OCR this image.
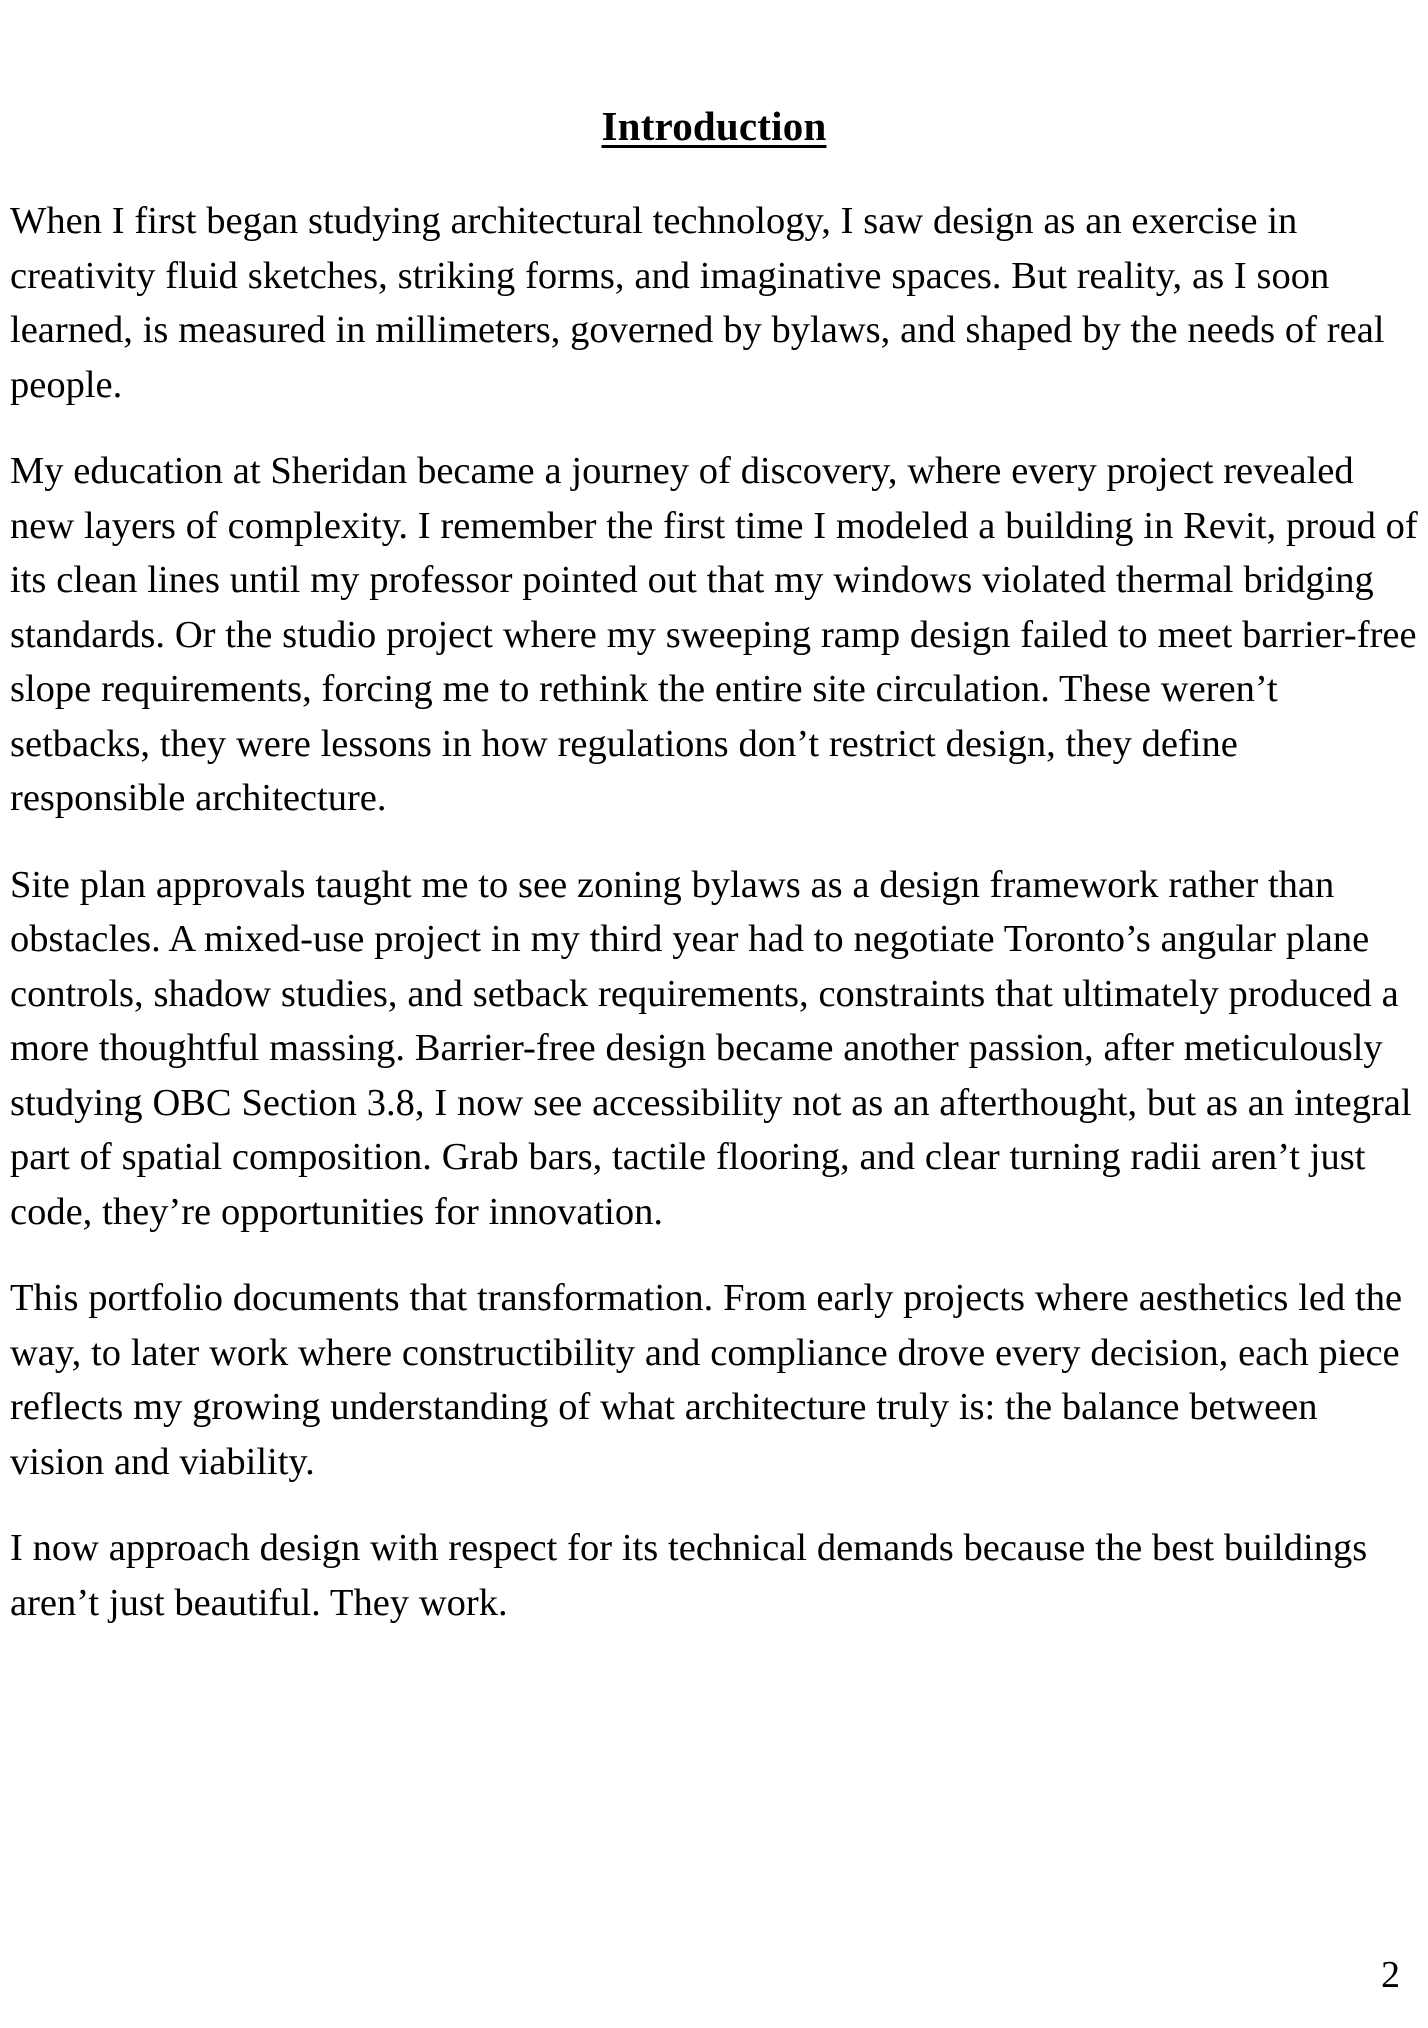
Introduction

When I first began studying architectural technology, I saw design as an exercise in creativity fluid sketches, striking forms, and imaginative spaces. But reality, as I soon learned, is measured in millimeters, governed by bylaws, and shaped by the needs of real people.

My education at Sheridan became a journey of discovery, where every project revealed new layers of complexity. I remember the first time I modeled a building in Revit, proud of its clean lines until my professor pointed out that my windows violated thermal bridging standards. Or the studio project where my sweeping ramp design failed to meet barrier-free slope requirements, forcing me to rethink the entire site circulation. These weren’t setbacks, they were lessons in how regulations don’t restrict design, they define responsible architecture.

Site plan approvals taught me to see zoning bylaws as a design framework rather than obstacles. A mixed-use project in my third year had to negotiate Toronto’s angular plane controls, shadow studies, and setback requirements, constraints that ultimately produced a more thoughtful massing. Barrier-free design became another passion, after meticulously studying OBC Section 3.8, I now see accessibility not as an afterthought, but as an integral part of spatial composition. Grab bars, tactile flooring, and clear turning radii aren’t just code, they’re opportunities for innovation.

This portfolio documents that transformation. From early projects where aesthetics led the way, to later work where constructibility and compliance drove every decision, each piece reflects my growing understanding of what architecture truly is: the balance between vision and viability.

I now approach design with respect for its technical demands because the best buildings aren’t just beautiful. They work.

2
